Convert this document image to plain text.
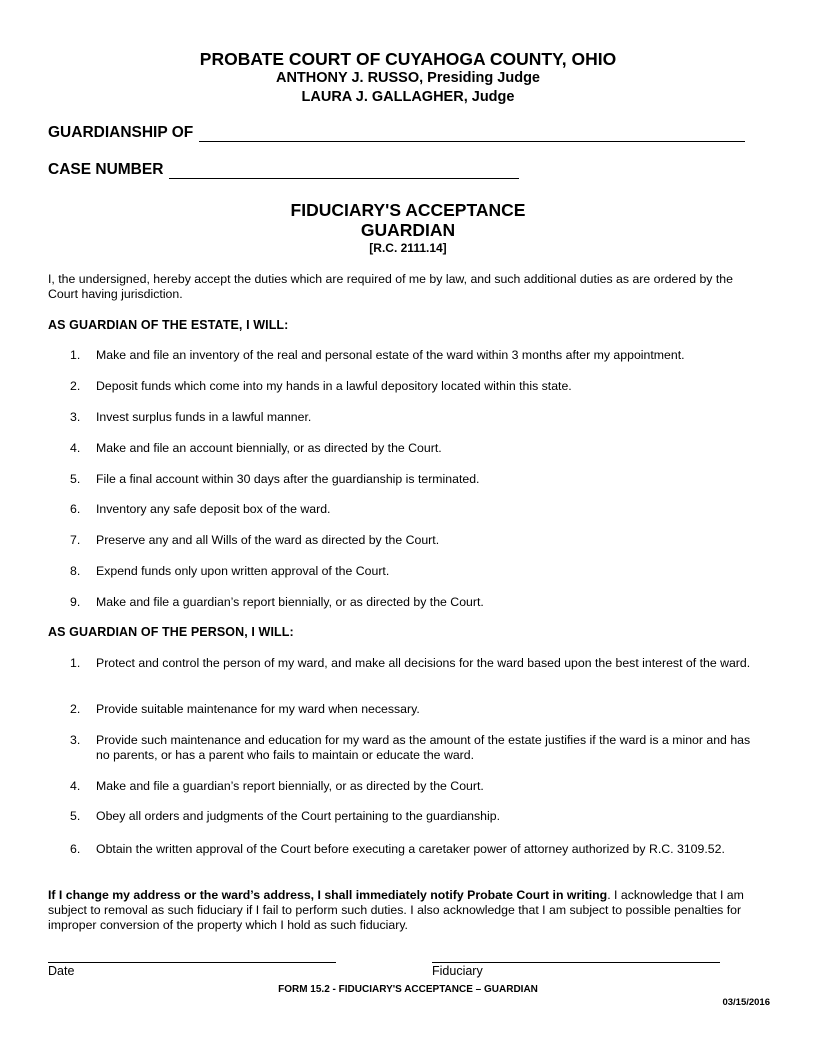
PROBATE COURT OF CUYAHOGA COUNTY, OHIO
ANTHONY J. RUSSO, Presiding Judge
LAURA J. GALLAGHER, Judge
GUARDIANSHIP OF
CASE NUMBER
FIDUCIARY'S ACCEPTANCE
GUARDIAN
[R.C. 2111.14]
I, the undersigned, hereby accept the duties which are required of me by law, and such additional duties as are ordered by the Court having jurisdiction.
AS GUARDIAN OF THE ESTATE, I WILL:
1.	Make and file an inventory of the real and personal estate of the ward within 3 months after my appointment.
2.	Deposit funds which come into my hands in a lawful depository located within this state.
3.	Invest surplus funds in a lawful manner.
4.	Make and file an account biennially, or as directed by the Court.
5.	File a final account within 30 days after the guardianship is terminated.
6.	Inventory any safe deposit box of the ward.
7.	Preserve any and all Wills of the ward as directed by the Court.
8.	Expend funds only upon written approval of the Court.
9.	Make and file a guardian’s report biennially, or as directed by the Court.
AS GUARDIAN OF THE PERSON, I WILL:
1.	Protect and control the person of my ward, and make all decisions for the ward based upon the best interest of the ward.
2.	Provide suitable maintenance for my ward when necessary.
3.	Provide such maintenance and education for my ward as the amount of the estate justifies if the ward is a minor and has no parents, or has a parent who fails to maintain or educate the ward.
4.	Make and file a guardian’s report biennially, or as directed by the Court.
5.	Obey all orders and judgments of the Court pertaining to the guardianship.
6.	Obtain the written approval of the Court before executing a caretaker power of attorney authorized by R.C. 3109.52.
If I change my address or the ward’s address, I shall immediately notify Probate Court in writing. I acknowledge that I am subject to removal as such fiduciary if I fail to perform such duties. I also acknowledge that I am subject to possible penalties for improper conversion of the property which I hold as such fiduciary.
Date	Fiduciary
FORM 15.2 - FIDUCIARY'S ACCEPTANCE – GUARDIAN
03/15/2016
